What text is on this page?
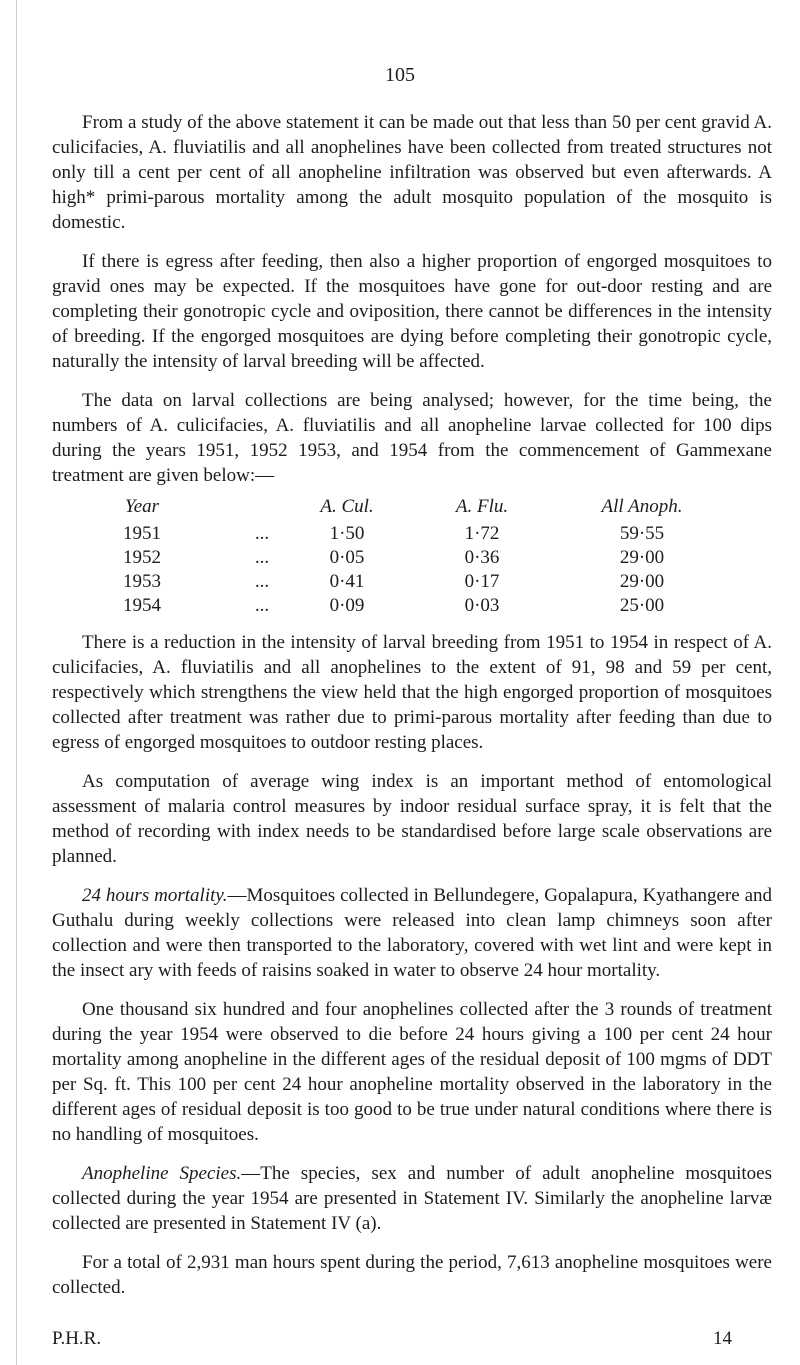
105

From a study of the above statement it can be made out that less than 50 per cent gravid A. culicifacies, A. fluviatilis and all anophelines have been collected from treated structures not only till a cent per cent of all anopheline infiltration was observed but even afterwards. A high* primi-parous mortality among the adult mosquito population of the mosquito is domestic.

If there is egress after feeding, then also a higher proportion of engorged mosquitoes to gravid ones may be expected. If the mosquitoes have gone for out-door resting and are completing their gonotropic cycle and oviposition, there cannot be differences in the intensity of breeding. If the engorged mosquitoes are dying before completing their gonotropic cycle, naturally the intensity of larval breeding will be affected.

The data on larval collections are being analysed; however, for the time being, the numbers of A. culicifacies, A. fluviatilis and all anopheline larvae collected for 100 dips during the years 1951, 1952 1953, and 1954 from the commencement of Gammexane treatment are given below:—

Year		A. Cul.	A. Flu.	All Anoph.
1951	...	1·50	1·72	59·55
1952	...	0·05	0·36	29·00
1953	...	0·41	0·17	29·00
1954	...	0·09	0·03	25·00

There is a reduction in the intensity of larval breeding from 1951 to 1954 in respect of A. culicifacies, A. fluviatilis and all anophelines to the extent of 91, 98 and 59 per cent, respectively which strengthens the view held that the high engorged proportion of mosquitoes collected after treatment was rather due to primi-parous mortality after feeding than due to egress of engorged mosquitoes to outdoor resting places.

As computation of average wing index is an important method of entomological assessment of malaria control measures by indoor residual surface spray, it is felt that the method of recording with index needs to be standardised before large scale observations are planned.

24 hours mortality.—Mosquitoes collected in Bellundegere, Gopalapura, Kyathangere and Guthalu during weekly collections were released into clean lamp chimneys soon after collection and were then transported to the laboratory, covered with wet lint and were kept in the insect ary with feeds of raisins soaked in water to observe 24 hour mortality.

One thousand six hundred and four anophelines collected after the 3 rounds of treatment during the year 1954 were observed to die before 24 hours giving a 100 per cent 24 hour mortality among anopheline in the different ages of the residual deposit of 100 mgms of DDT per Sq. ft. This 100 per cent 24 hour anopheline mortality observed in the laboratory in the different ages of residual deposit is too good to be true under natural conditions where there is no handling of mosquitoes.

Anopheline Species.—The species, sex and number of adult anopheline mosquitoes collected during the year 1954 are presented in Statement IV. Similarly the anopheline larvæ collected are presented in Statement IV (a).

For a total of 2,931 man hours spent during the period, 7,613 anopheline mosquitoes were collected.

P.H.R.	14
